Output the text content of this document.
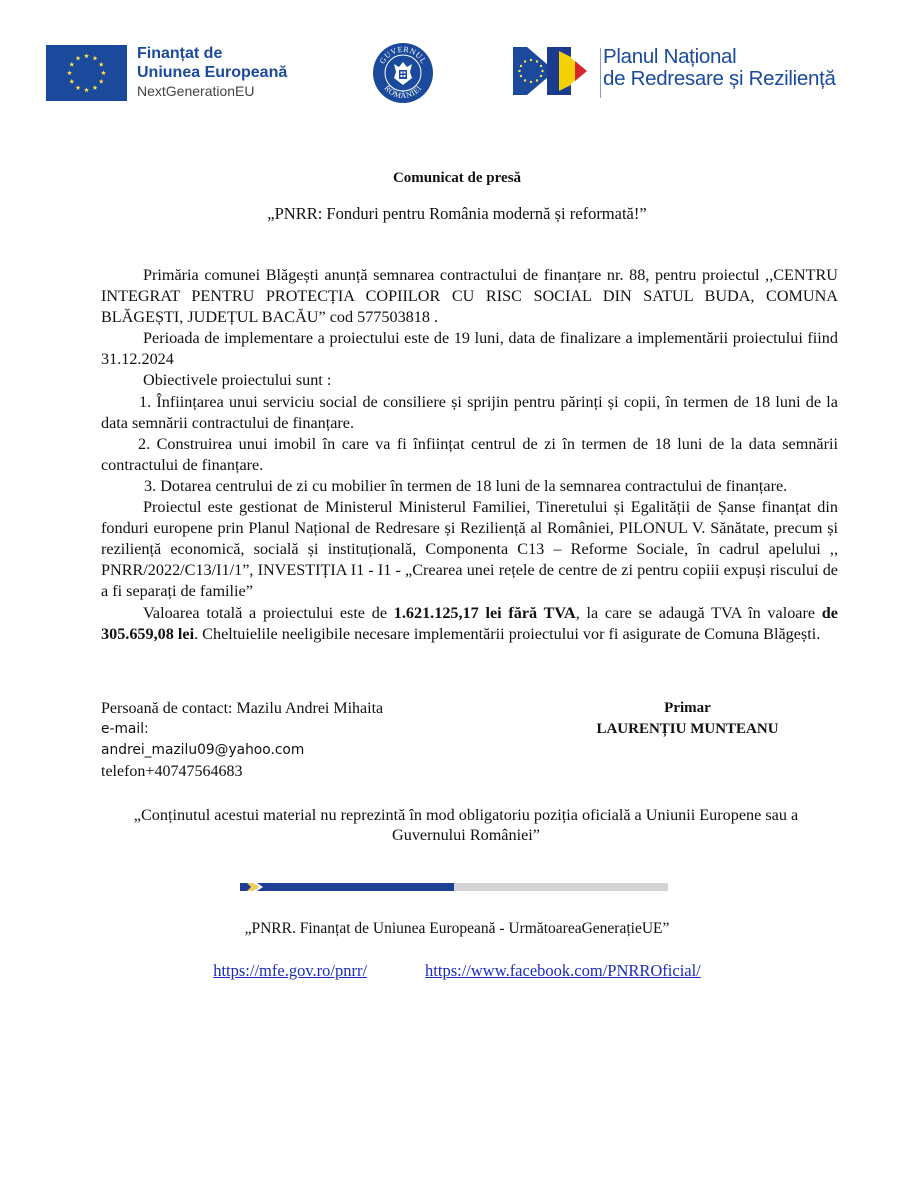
Finanțat de
Uniunea Europeană
NextGenerationEU
GUVERNUL
ROMÂNIEI
Planul Național
de Redresare și Reziliență
Comunicat de presă
„PNRR: Fonduri pentru România modernă și reformată!”

Primăria comunei Blăgești anunță semnarea contractului de finanțare nr. 88, pentru proiectul ,,CENTRU INTEGRAT PENTRU PROTECȚIA COPIILOR CU RISC SOCIAL DIN SATUL BUDA, COMUNA BLĂGEȘTI, JUDEȚUL BACĂU” cod 577503818 .

Perioada de implementare a proiectului este de 19 luni, data de finalizare a implementării proiectului fiind 31.12.2024

Obiectivele proiectului sunt :

1. Înființarea unui serviciu social de consiliere și sprijin pentru părinți și copii, în termen de 18 luni de la data semnării contractului de finanțare.

2. Construirea unui imobil în care va fi înființat centrul de zi în termen de 18 luni de la data semnării contractului de finanțare.

3. Dotarea centrului de zi cu mobilier în termen de 18 luni de la semnarea contractului de finanțare.

Proiectul este gestionat de Ministerul Ministerul Familiei, Tineretului și Egalității de Șanse finanțat din fonduri europene prin Planul Național de Redresare și Reziliență al României, PILONUL V. Sănătate, precum și reziliență economică, socială și instituțională, Componenta C13 – Reforme Sociale, în cadrul apelului ,, PNRR/2022/C13/I1/1”, INVESTIȚIA I1 - I1 - „Crearea unei rețele de centre de zi pentru copiii expuși riscului de a fi separați de familie”

Valoarea totală a proiectului este de 1.621.125,17 lei fără TVA, la care se adaugă TVA în valoare de 305.659,08 lei. Cheltuielile neeligibile necesare implementării proiectului vor fi asigurate de Comuna Blăgești.

Persoană de contact: Mazilu Andrei Mihaita
e-mail:
andrei_mazilu09@yahoo.com
telefon+40747564683
Primar
LAURENȚIU MUNTEANU
„Conținutul acestui material nu reprezintă în mod obligatoriu poziția oficială a Uniunii Europene sau a Guvernului României”
„PNRR. Finanțat de Uniunea Europeană - UrmătoareaGenerațieUE”
https://mfe.gov.ro/pnrr/	https://www.facebook.com/PNRROficial/
